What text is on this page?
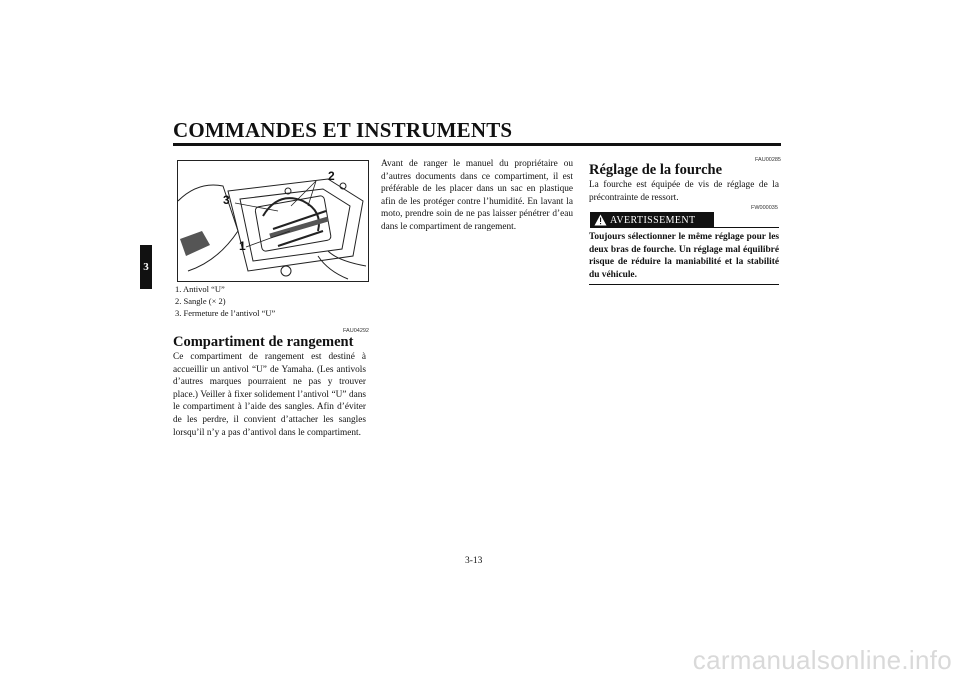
COMMANDES ET INSTRUMENTS
3
1
2
3
1. Antivol “U”
2. Sangle (× 2)
3. Fermeture de l’antivol “U”
FAU04292
Compartiment de rangement

Ce compartiment de rangement est destiné à accueillir un antivol “U” de Yamaha. (Les antivols d’autres marques pourraient ne pas y trouver place.) Veiller à fixer solidement l’antivol “U” dans le compartiment à l’aide des sangles. Afin d’éviter de les perdre, il convient d’attacher les sangles lorsqu’il n’y a pas d’antivol dans le compartiment.

Avant de ranger le manuel du propriétaire ou d’autres documents dans ce compartiment, il est préférable de les placer dans un sac en plastique afin de les protéger contre l’humidité. En lavant la moto, prendre soin de ne pas laisser pénétrer d’eau dans le compartiment de rangement.

FAU00285
Réglage de la fourche

La fourche est équipée de vis de réglage de la précontrainte de ressort.

FW000035
AVERTISSEMENT

Toujours sélectionner le même réglage pour les deux bras de fourche. Un réglage mal équilibré risque de réduire la maniabilité et la stabilité du véhicule.

3-13
carmanualsonline.info
